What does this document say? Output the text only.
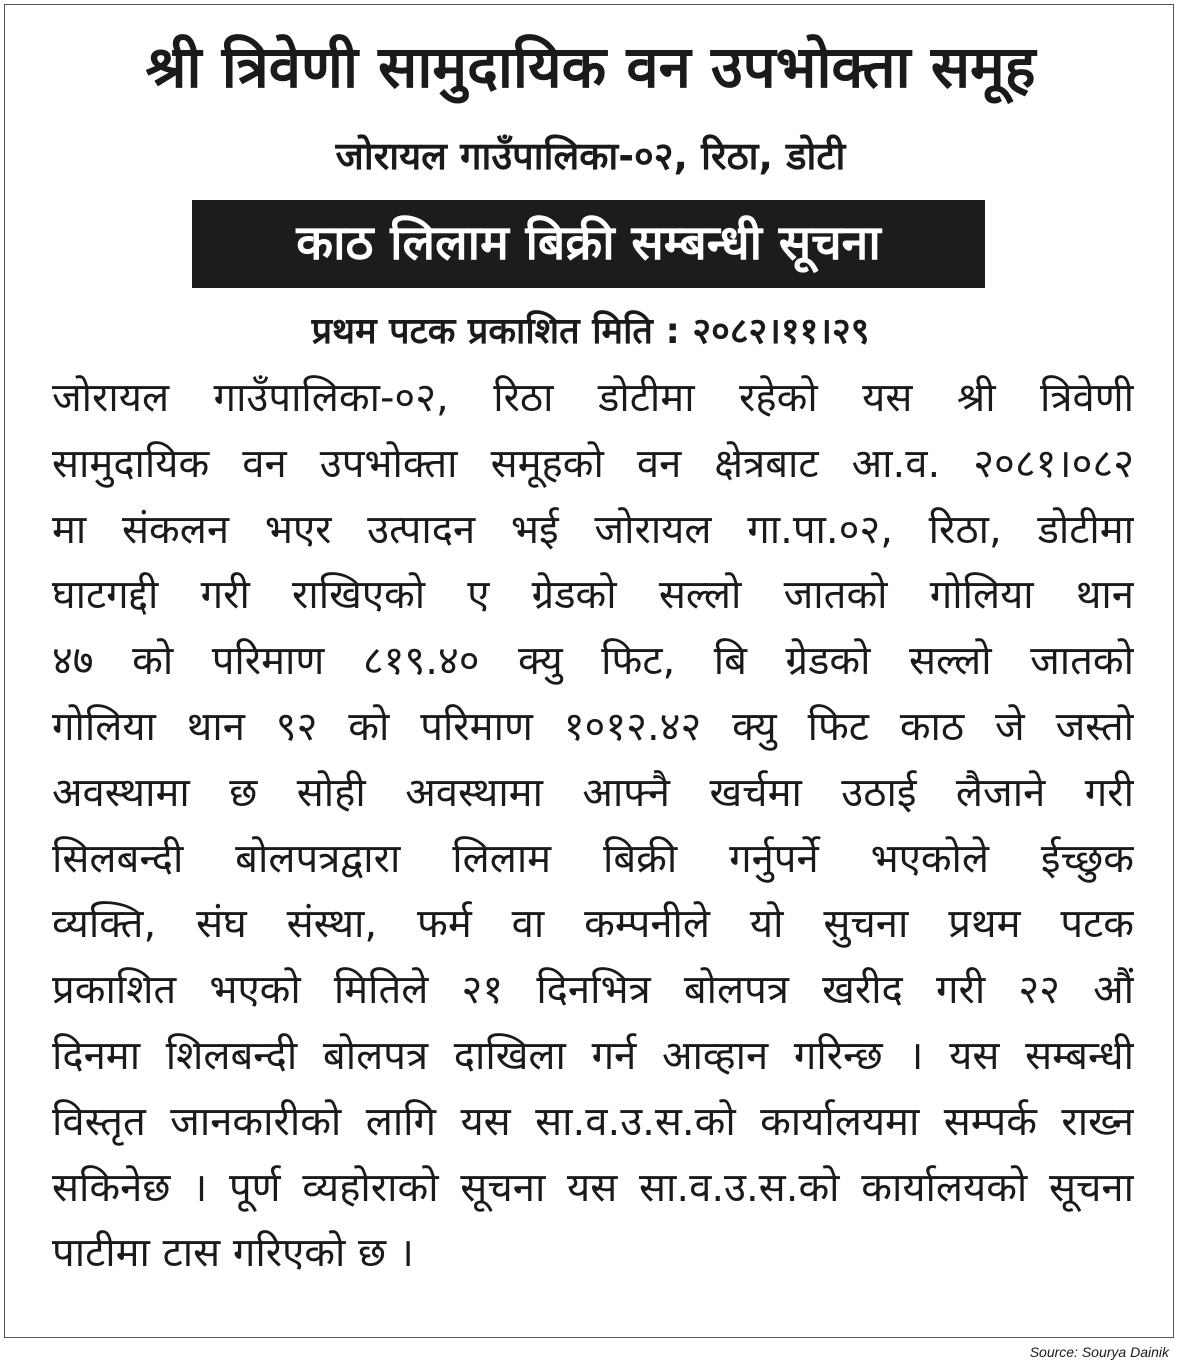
श्री त्रिवेणी सामुदायिक वन उपभोक्ता समूह
जोरायल गाउँपालिका-०२, रिठा, डोटी
काठ लिलाम बिक्री सम्बन्धी सूचना
प्रथम पटक प्रकाशित मिति : २०८२।११।२९
जोरायल गाउँपालिका-०२, रिठा डोटीमा रहेको यस श्री त्रिवेणी
सामुदायिक वन उपभोक्ता समूहको वन क्षेत्रबाट आ.व. २०८१।०८२
मा संकलन भएर उत्पादन भई जोरायल गा.पा.०२, रिठा, डोटीमा
घाटगद्दी गरी राखिएको ए ग्रेडको सल्लो जातको गोलिया थान
४७ को परिमाण ८१९.४० क्यु फिट, बि ग्रेडको सल्लो जातको
गोलिया थान ९२ को परिमाण १०१२.४२ क्यु फिट काठ जे जस्तो
अवस्थामा छ सोही अवस्थामा आफ्नै खर्चमा उठाई लैजाने गरी
सिलबन्दी बोलपत्रद्वारा लिलाम बिक्री गर्नुपर्ने भएकोले ईच्छुक
व्यक्ति, संघ संस्था, फर्म वा कम्पनीले यो सुचना प्रथम पटक
प्रकाशित भएको मितिले २१ दिनभित्र बोलपत्र खरीद गरी २२ औं
दिनमा शिलबन्दी बोलपत्र दाखिला गर्न आव्हान गरिन्छ । यस सम्बन्धी
विस्तृत जानकारीको लागि यस सा.व.उ.स.को कार्यालयमा सम्पर्क राख्न
सकिनेछ । पूर्ण व्यहोराको सूचना यस सा.व.उ.स.को कार्यालयको सूचना
पाटीमा टास गरिएको छ ।
Source: Sourya Dainik
